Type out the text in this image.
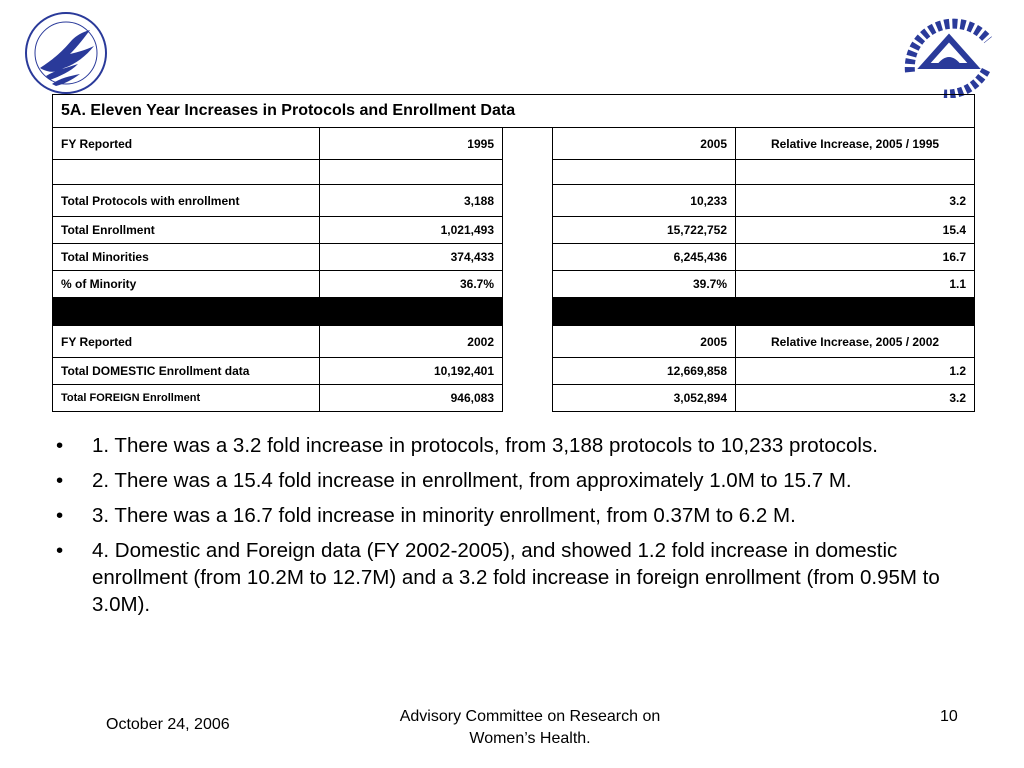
5A. Eleven Year Increases in Protocols and Enrollment Data				
FY Reported	1995		2005	Relative Increase, 2005 / 1995

Total Protocols with enrollment	3,188		10,233	3.2
Total Enrollment	1,021,493		15,722,752	15.4
Total Minorities	374,433		6,245,436	16.7
% of Minority	36.7%		39.7%	1.1

FY Reported	2002		2005	Relative Increase, 2005 / 2002
Total DOMESTIC Enrollment data	10,192,401		12,669,858	1.2
Total FOREIGN Enrollment	946,083		3,052,894	3.2
• 1. There was a 3.2 fold increase in protocols, from 3,188 protocols to 10,233 protocols.
• 2. There was a 15.4 fold increase in enrollment, from approximately 1.0M to 15.7 M.
• 3. There was a 16.7 fold increase in minority enrollment, from 0.37M to 6.2 M.
• 4. Domestic and Foreign data (FY 2002-2005), and showed 1.2 fold increase in domestic enrollment (from 10.2M to 12.7M) and a 3.2 fold increase in foreign enrollment (from 0.95M to 3.0M).
October 24, 2006	Advisory Committee on Research on
Women’s Health.
10
